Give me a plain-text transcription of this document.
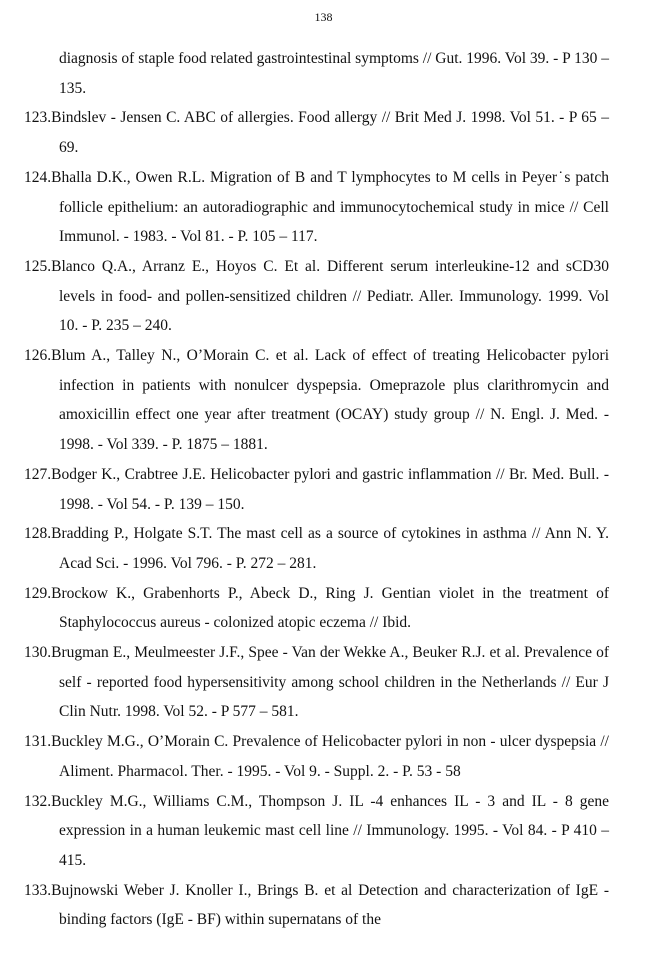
138
diagnosis of staple food related gastrointestinal symptoms // Gut. 1996. Vol 39. - P 130 – 135.
123.Bindslev - Jensen C. ABC of allergies. Food allergy // Brit Med J. 1998. Vol 51. - P 65 – 69.
124.Bhalla D.K., Owen R.L. Migration of B and T lymphocytes to M cells in Peyer˙s patch follicle epithelium: an autoradiographic and immunocytochemical study in mice // Cell Immunol. - 1983. - Vol 81. - P. 105 – 117.
125.Blanco Q.A., Arranz E., Hoyos C. Et al. Different serum interleukine-12 and sCD30 levels in food- and pollen-sensitized children // Pediatr. Aller. Immunology. 1999. Vol 10. - P. 235 – 240.
126.Blum A., Talley N., O’Morain C. et al. Lack of effect of treating Helicobacter pylori infection in patients with nonulcer dyspepsia. Omeprazole plus clarithromycin and amoxicillin effect one year after treatment (OCAY) study group // N. Engl. J. Med. - 1998. - Vol 339. - P. 1875 – 1881.
127.Bodger K., Crabtree J.E. Helicobacter pylori and gastric inflammation // Br. Med. Bull. - 1998. - Vol 54. - P. 139 – 150.
128.Bradding P., Holgate S.T. The mast cell as a source of cytokines in asthma // Ann N. Y. Acad Sci. - 1996. Vol 796. - P. 272 – 281.
129.Brockow K., Grabenhorts P., Abeck D., Ring J. Gentian violet in the treatment of Staphylococcus aureus - colonized atopic eczema // Ibid.
130.Brugman E., Meulmeester J.F., Spee - Van der Wekke A., Beuker R.J. et al. Prevalence of self - reported food hypersensitivity among school children in the Netherlands // Eur J Clin Nutr. 1998. Vol 52. - P 577 – 581.
131.Buckley M.G., O’Morain C. Prevalence of Helicobacter pylori in non - ulcer dyspepsia // Aliment. Pharmacol. Ther. - 1995. - Vol 9. - Suppl. 2. - P. 53 - 58
132.Buckley M.G., Williams C.M., Thompson J. IL -4 enhances IL - 3 and IL - 8 gene expression in a human leukemic mast cell line // Immunology. 1995. - Vol 84. - P 410 – 415.
133.Bujnowski Weber J. Knoller I., Brings B. et al Detection and characterization of IgE - binding factors (IgE - BF) within supernatans of the
